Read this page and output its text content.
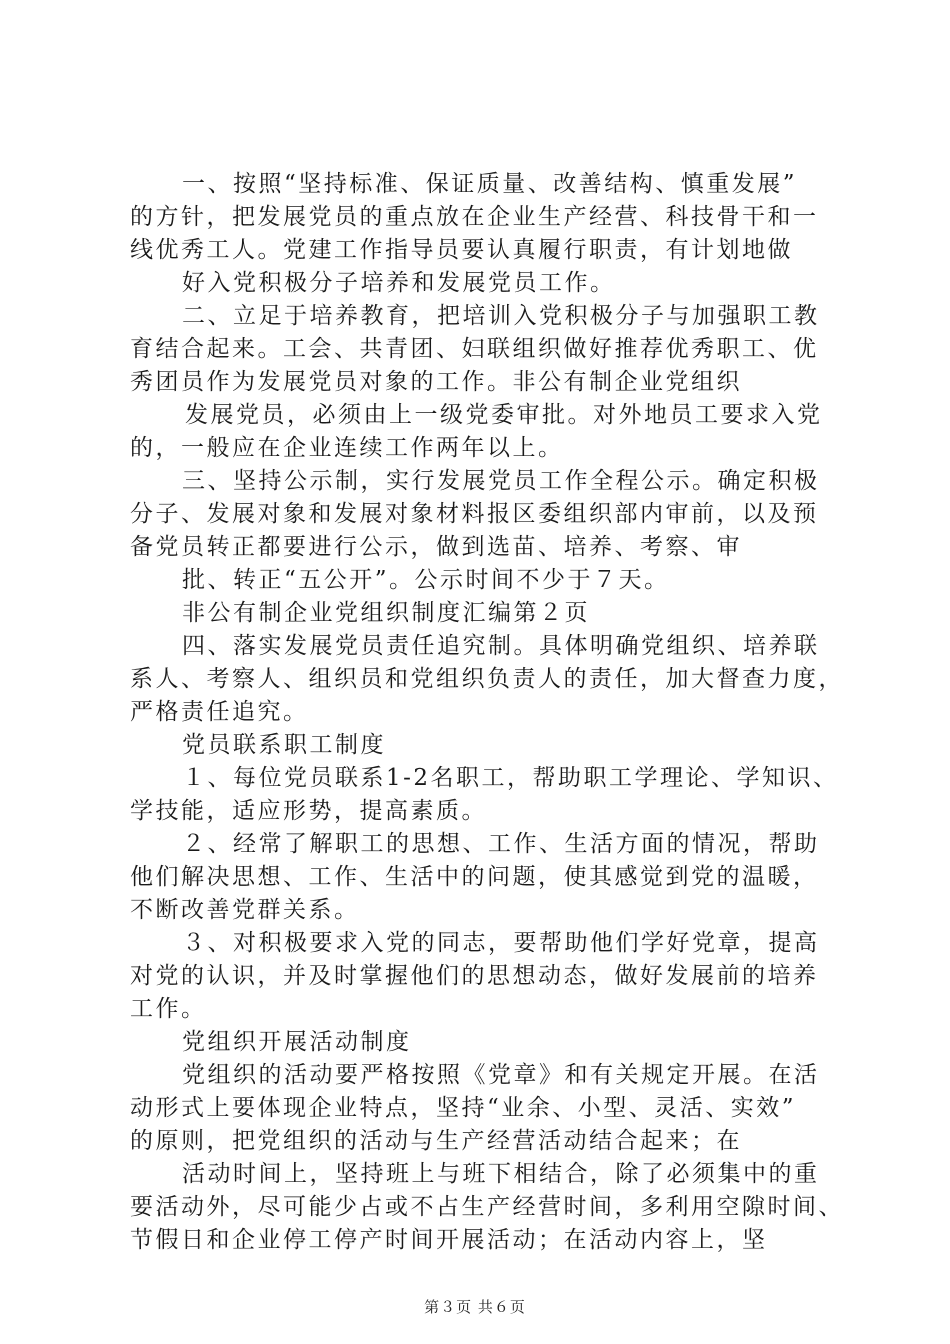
一、按照“坚持标准、保证质量、改善结构、慎重发展”
的方针，把发展党员的重点放在企业生产经营、科技骨干和一
线优秀工人。党建工作指导员要认真履行职责，有计划地做
好入党积极分子培养和发展党员工作。
二、立足于培养教育，把培训入党积极分子与加强职工教
育结合起来。工会、共青团、妇联组织做好推荐优秀职工、优
秀团员作为发展党员对象的工作。非公有制企业党组织
发展党员，必须由上一级党委审批。对外地员工要求入党
的，一般应在企业连续工作两年以上。
三、坚持公示制，实行发展党员工作全程公示。确定积极
分子、发展对象和发展对象材料报区委组织部内审前，以及预
备党员转正都要进行公示，做到选苗、培养、考察、审
批、转正“五公开”。公示时间不少于７天。
非公有制企业党组织制度汇编第２页
四、落实发展党员责任追究制。具体明确党组织、培养联
系人、考察人、组织员和党组织负责人的责任，加大督查力度，
严格责任追究。
党员联系职工制度
１、每位党员联系1-2名职工，帮助职工学理论、学知识、
学技能，适应形势，提高素质。
２、经常了解职工的思想、工作、生活方面的情况，帮助
他们解决思想、工作、生活中的问题，使其感觉到党的温暖，
不断改善党群关系。
３、对积极要求入党的同志，要帮助他们学好党章，提高
对党的认识，并及时掌握他们的思想动态，做好发展前的培养
工作。
党组织开展活动制度
党组织的活动要严格按照《党章》和有关规定开展。在活
动形式上要体现企业特点，坚持“业余、小型、灵活、实效”
的原则，把党组织的活动与生产经营活动结合起来；在
活动时间上，坚持班上与班下相结合，除了必须集中的重
要活动外，尽可能少占或不占生产经营时间，多利用空隙时间、
节假日和企业停工停产时间开展活动；在活动内容上，坚
第３页 共６页
